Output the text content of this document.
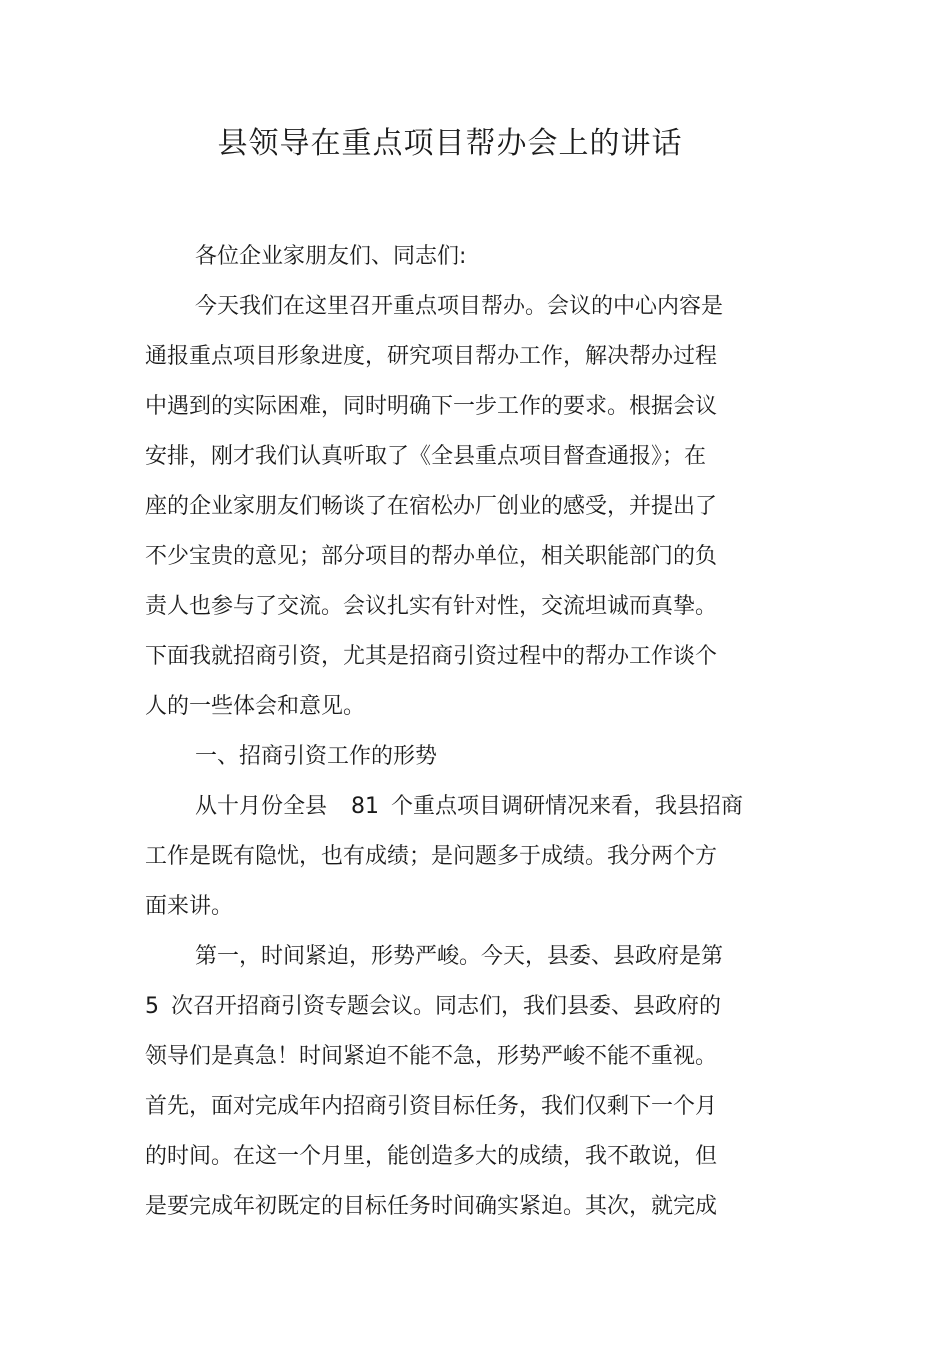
县领导在重点项目帮办会上的讲话

各位企业家朋友们、同志们:

今天我们在这里召开重点项目帮办。会议的中心内容是

通报重点项目形象进度，研究项目帮办工作，解决帮办过程

中遇到的实际困难，同时明确下一步工作的要求。根据会议

安排，刚才我们认真听取了《全县重点项目督查通报》；在

座的企业家朋友们畅谈了在宿松办厂创业的感受，并提出了

不少宝贵的意见；部分项目的帮办单位，相关职能部门的负

责人也参与了交流。会议扎实有针对性，交流坦诚而真挚。

下面我就招商引资，尤其是招商引资过程中的帮办工作谈个

人的一些体会和意见。

一、招商引资工作的形势

从十月份全县 81 个重点项目调研情况来看，我县招商

工作是既有隐忧，也有成绩；是问题多于成绩。我分两个方

面来讲。

第一，时间紧迫，形势严峻。今天，县委、县政府是第

5 次召开招商引资专题会议。同志们，我们县委、县政府的

领导们是真急！时间紧迫不能不急，形势严峻不能不重视。

首先，面对完成年内招商引资目标任务，我们仅剩下一个月

的时间。在这一个月里，能创造多大的成绩，我不敢说，但

是要完成年初既定的目标任务时间确实紧迫。其次，就完成
